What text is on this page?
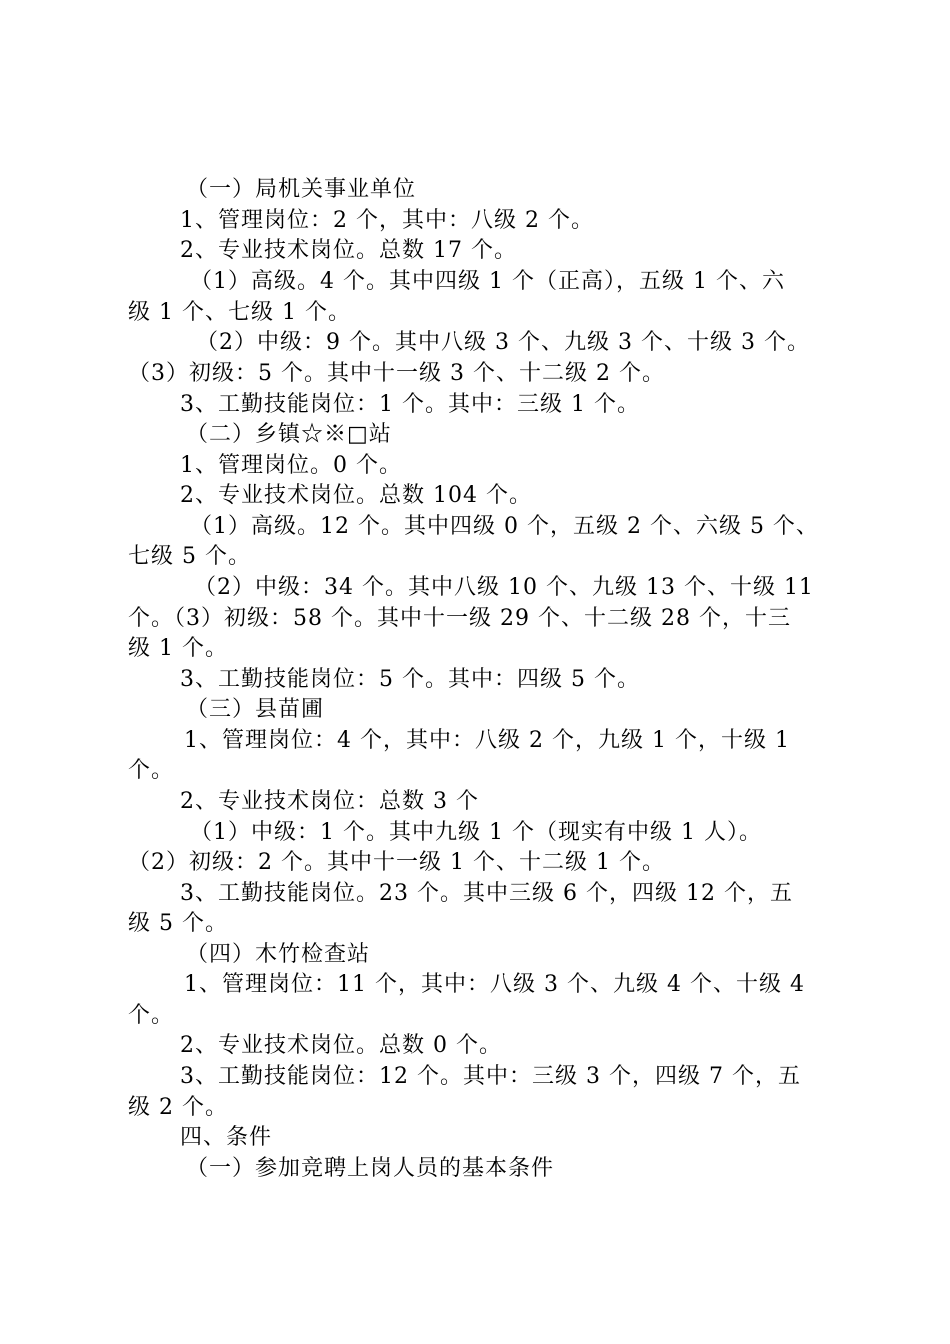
（一）局机关事业单位
1、管理岗位：2 个，其中：八级 2 个。
2、专业技术岗位。总数 17 个。
（1）高级。4 个。其中四级 1 个（正高），五级 1 个、六
级 1 个、七级 1 个。
（2）中级：9 个。其中八级 3 个、九级 3 个、十级 3 个。
（3）初级：5 个。其中十一级 3 个、十二级 2 个。
3、工勤技能岗位：1 个。其中：三级 1 个。
（二）乡镇☆※□站
1、管理岗位。0 个。
2、专业技术岗位。总数 104 个。
（1）高级。12 个。其中四级 0 个，五级 2 个、六级 5 个、
七级 5 个。
（2）中级：34 个。其中八级 10 个、九级 13 个、十级 11
个。（3）初级：58 个。其中十一级 29 个、十二级 28 个，十三
级 1 个。
3、工勤技能岗位：5 个。其中：四级 5 个。
（三）县苗圃
1、管理岗位：4 个，其中：八级 2 个，九级 1 个，十级 1
个。
2、专业技术岗位：总数 3 个
（1）中级：1 个。其中九级 1 个（现实有中级 1 人）。
（2）初级：2 个。其中十一级 1 个、十二级 1 个。
3、工勤技能岗位。23 个。其中三级 6 个，四级 12 个，五
级 5 个。
（四）木竹检查站
1、管理岗位：11 个，其中：八级 3 个、九级 4 个、十级 4
个。
2、专业技术岗位。总数 0 个。
3、工勤技能岗位：12 个。其中：三级 3 个，四级 7 个，五
级 2 个。
四、条件
（一）参加竞聘上岗人员的基本条件
